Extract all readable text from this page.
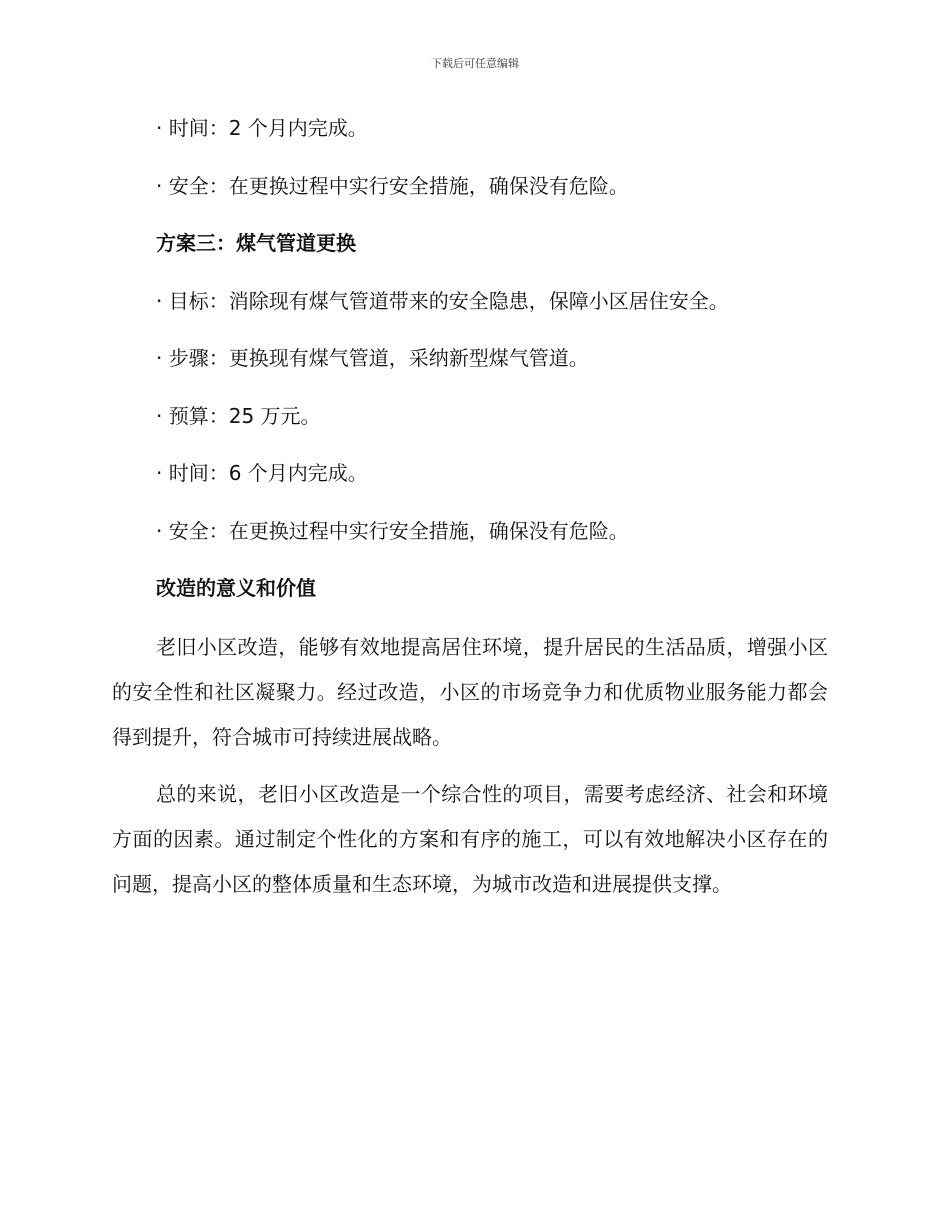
下载后可任意编辑
· 时间：2 个月内完成。
· 安全：在更换过程中实行安全措施，确保没有危险。
方案三：煤气管道更换
· 目标：消除现有煤气管道带来的安全隐患，保障小区居住安全。
· 步骤：更换现有煤气管道，采纳新型煤气管道。
· 预算：25 万元。
· 时间：6 个月内完成。
· 安全：在更换过程中实行安全措施，确保没有危险。
改造的意义和价值

老旧小区改造，能够有效地提高居住环境，提升居民的生活品质，增强小区的安全性和社区凝聚力。经过改造，小区的市场竞争力和优质物业服务能力都会得到提升，符合城市可持续进展战略。

总的来说，老旧小区改造是一个综合性的项目，需要考虑经济、社会和环境方面的因素。通过制定个性化的方案和有序的施工，可以有效地解决小区存在的问题，提高小区的整体质量和生态环境，为城市改造和进展提供支撑。
